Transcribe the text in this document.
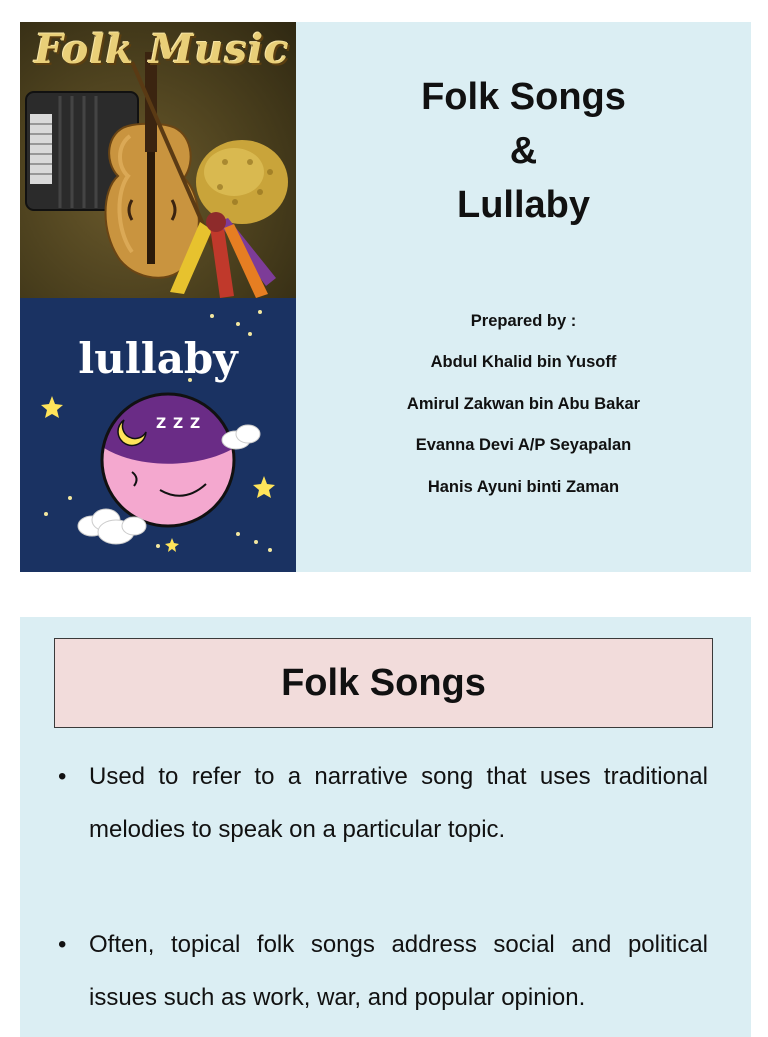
Folk Music
lullaby
Z Z Z
Folk Songs
&
Lullaby
Prepared by :
Abdul Khalid bin Yusoff
Amirul Zakwan bin Abu Bakar
Evanna Devi A/P Seyapalan
Hanis Ayuni binti Zaman
Folk Songs
• Used to refer to a narrative song that uses traditional melodies to speak on a particular topic.
• Often, topical folk songs address social and political issues such as work, war, and popular opinion.
